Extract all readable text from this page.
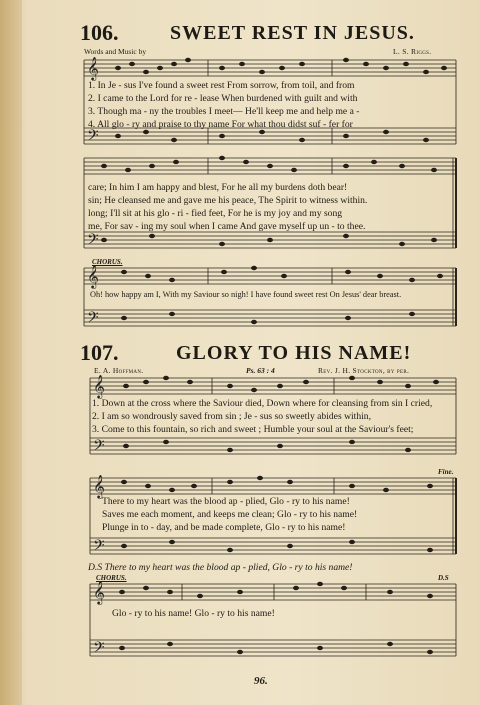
106.	SWEET REST IN JESUS.
Words and Music by	L. S. Riggs.
𝄞
𝄢
1. In Je - sus I've found a sweet rest From sorrow, from toil, and from
2. I came to the Lord for re - lease When burdened with guilt and with
3. Though ma - ny the troubles I meet— He'll keep me and help me a -
4. All glo - ry and praise to thy name For what thou didst suf - fer for
𝄢
care; In him I am happy and blest, For he all my burdens doth bear!
sin; He cleansed me and gave me his peace, The Spirit to witness within.
long; I'll sit at his glo - ri - fied feet, For he is my joy and my song
me, For sav - ing my soul when I came And gave myself up un - to thee.
CHORUS.
𝄞
𝄢
Oh! how happy am I, With my Saviour so nigh! I have found sweet rest On Jesus' dear breast.
107.	GLORY TO HIS NAME!
E. A. Hoffman.	Ps. 63 : 4	Rev. J. H. Stockton, by per.
𝄞
𝄢
1. Down at the cross where the Saviour died, Down where for cleansing from sin I cried,
2. I am so wondrously saved from sin ; Je - sus so sweetly abides within,
3. Come to this fountain, so rich and sweet ; Humble your soul at the Saviour's feet;
Fine.
𝄞
𝄢
There to my heart was the blood ap - plied, Glo - ry to his name!
Saves me each moment, and keeps me clean; Glo - ry to his name!
Plunge in to - day, and be made complete, Glo - ry to his name!
D.S There to my heart was the blood ap - plied, Glo - ry to his name!
CHORUS.	D.S
𝄞
𝄢
Glo - ry to his name! Glo - ry to his name!
96.
